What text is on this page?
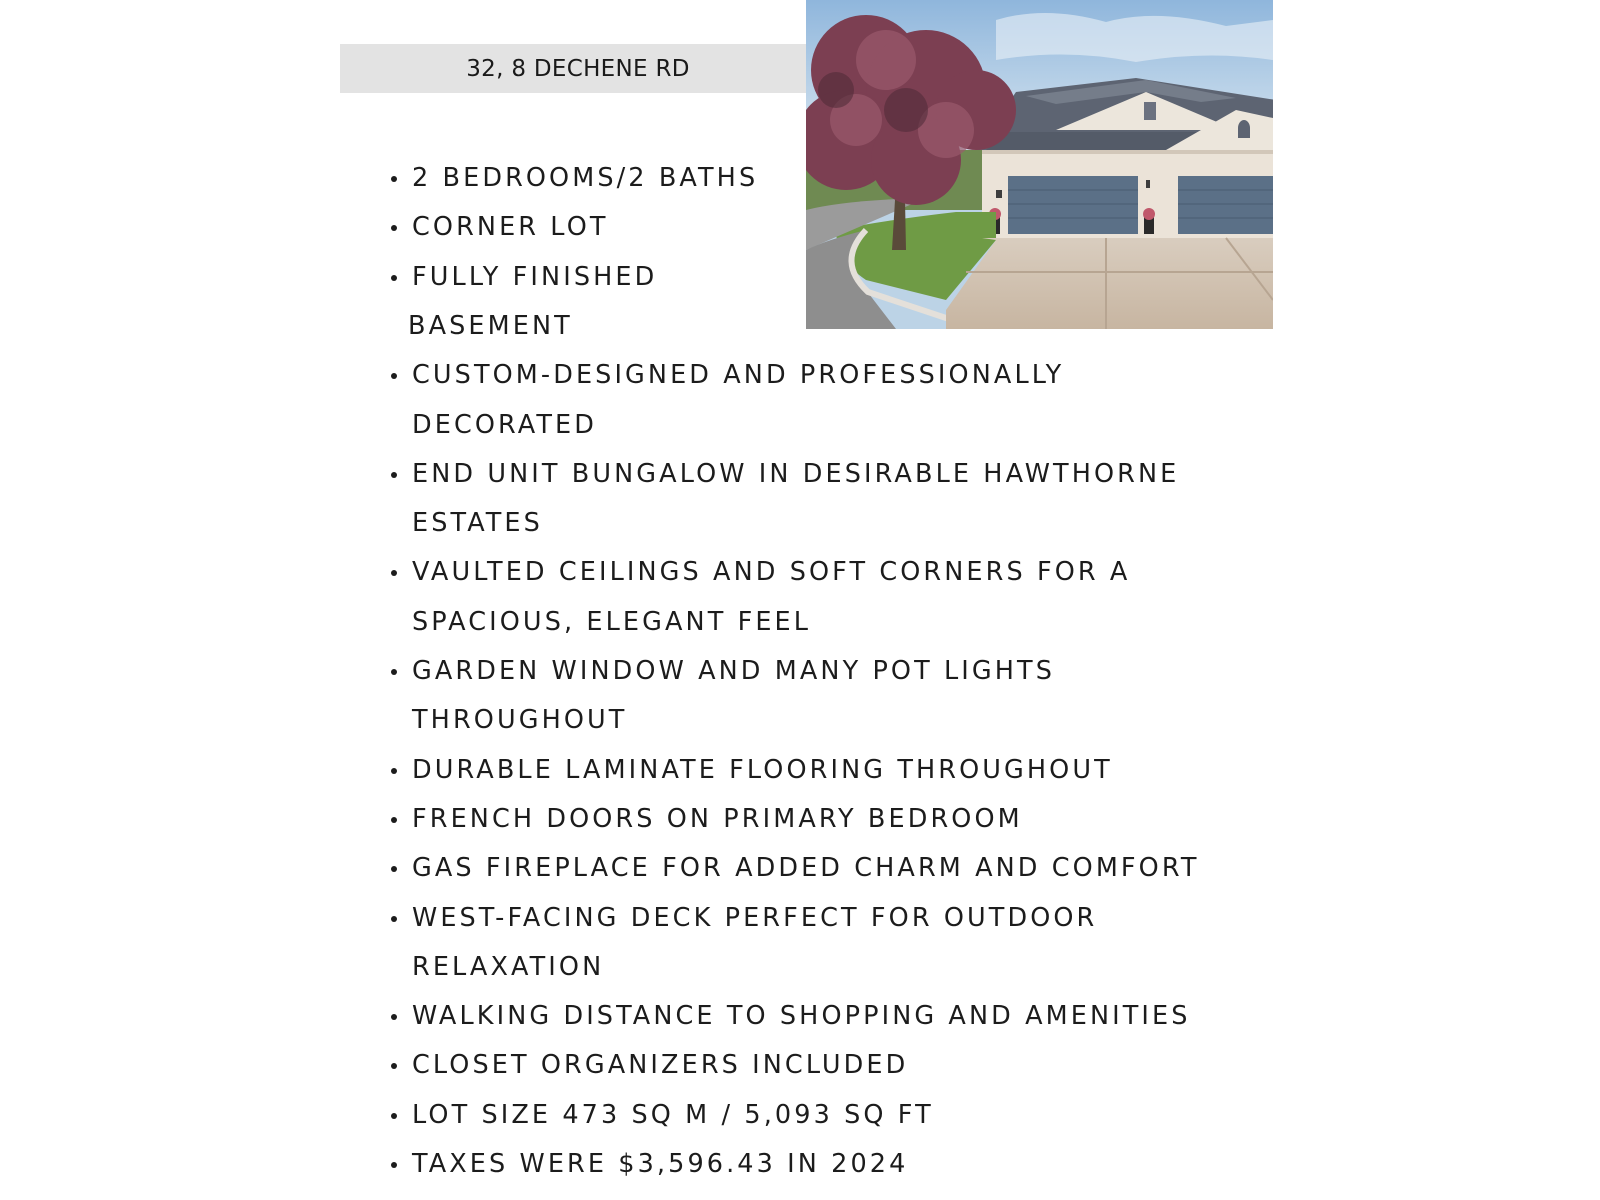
32, 8 DECHENE RD
2 BEDROOMS/2 BATHS
CORNER LOT
FULLY FINISHED
BASEMENT
CUSTOM-DESIGNED AND PROFESSIONALLY
DECORATED
END UNIT BUNGALOW IN DESIRABLE HAWTHORNE
ESTATES
VAULTED CEILINGS AND SOFT CORNERS FOR A
SPACIOUS, ELEGANT FEEL
GARDEN WINDOW AND MANY POT LIGHTS
THROUGHOUT
DURABLE LAMINATE FLOORING THROUGHOUT
FRENCH DOORS ON PRIMARY BEDROOM
GAS FIREPLACE FOR ADDED CHARM AND COMFORT
WEST-FACING DECK PERFECT FOR OUTDOOR
RELAXATION
WALKING DISTANCE TO SHOPPING AND AMENITIES
CLOSET ORGANIZERS INCLUDED
LOT SIZE 473 SQ M / 5,093 SQ FT
TAXES WERE $3,596.43 IN 2024
